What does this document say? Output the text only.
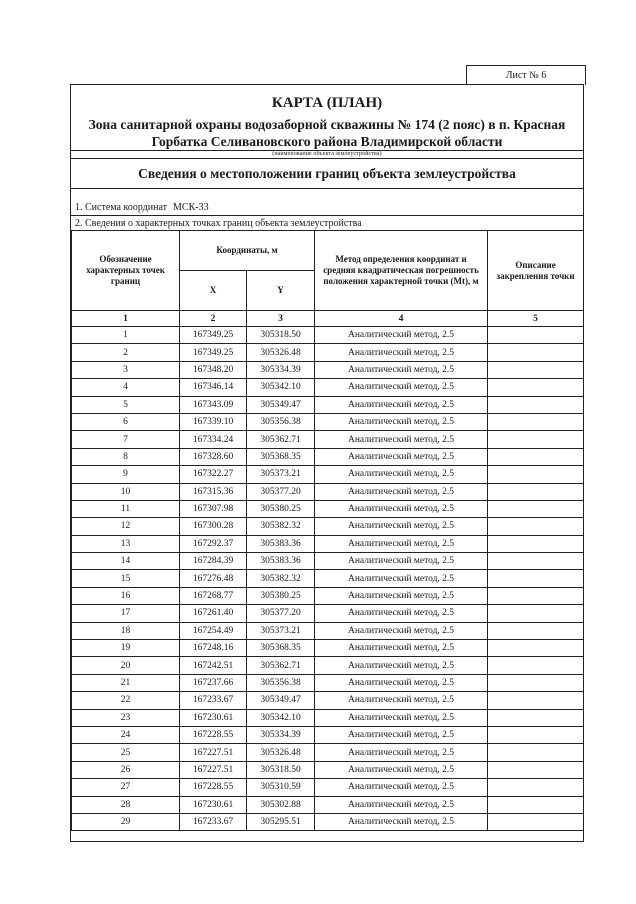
Лист № 6
КАРТА (ПЛАН)
Зона санитарной охраны водозаборной скважины № 174 (2 пояс) в п. Красная
Горбатка Селивановского района Владимирской области
(наименование объекта землеустройства)
Сведения о местоположении границ объекта землеустройства
1. Система координат МСК-33
2. Сведения о характерных точках границ объекта землеустройства
Обозначение характерных точек границ	Координаты, м		Метод определения координат и средняя квадратическая погрешность положения характерной точки (Mt), м	Описание закрепления точки
	X	Y		
1	2	3	4	5
1	167349.25	305318.50	Аналитический метод, 2.5	
2	167349.25	305326.48	Аналитический метод, 2.5	
3	167348.20	305334.39	Аналитический метод, 2.5	
4	167346.14	305342.10	Аналитический метод, 2.5	
5	167343.09	305349.47	Аналитический метод, 2.5	
6	167339.10	305356.38	Аналитический метод, 2.5	
7	167334.24	305362.71	Аналитический метод, 2.5	
8	167328.60	305368.35	Аналитический метод, 2.5	
9	167322.27	305373.21	Аналитический метод, 2.5	
10	167315.36	305377.20	Аналитический метод, 2.5	
11	167307.98	305380.25	Аналитический метод, 2.5	
12	167300.28	305382.32	Аналитический метод, 2.5	
13	167292.37	305383.36	Аналитический метод, 2.5	
14	167284.39	305383.36	Аналитический метод, 2.5	
15	167276.48	305382.32	Аналитический метод, 2.5	
16	167268.77	305380.25	Аналитический метод, 2.5	
17	167261.40	305377.20	Аналитический метод, 2.5	
18	167254.49	305373.21	Аналитический метод, 2.5	
19	167248.16	305368.35	Аналитический метод, 2.5	
20	167242.51	305362.71	Аналитический метод, 2.5	
21	167237.66	305356.38	Аналитический метод, 2.5	
22	167233.67	305349.47	Аналитический метод, 2.5	
23	167230.61	305342.10	Аналитический метод, 2.5	
24	167228.55	305334.39	Аналитический метод, 2.5	
25	167227.51	305326.48	Аналитический метод, 2.5	
26	167227.51	305318.50	Аналитический метод, 2.5	
27	167228.55	305310.59	Аналитический метод, 2.5	
28	167230.61	305302.88	Аналитический метод, 2.5	
29	167233.67	305295.51	Аналитический метод, 2.5	
